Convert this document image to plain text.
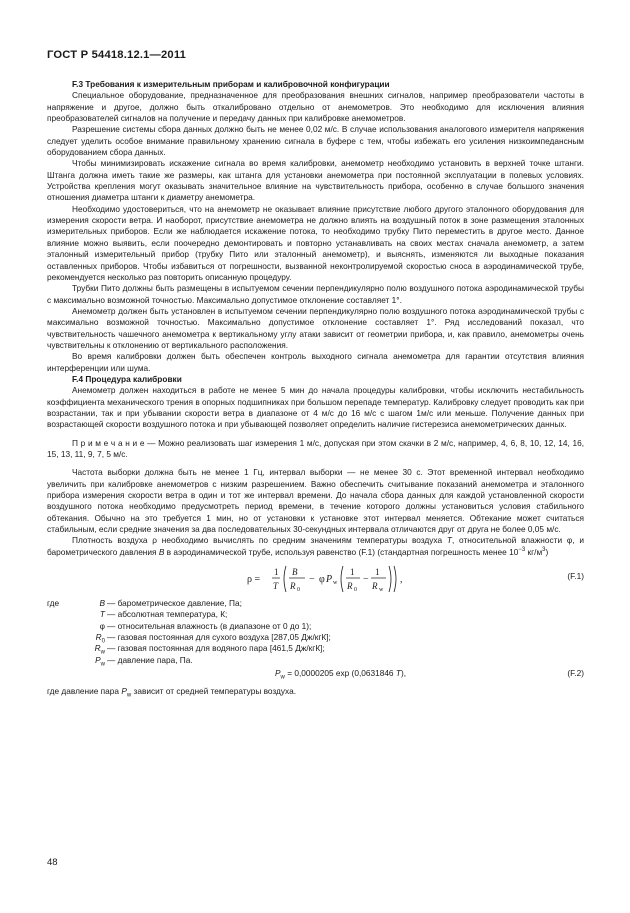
ГОСТ Р 54418.12.1—2011
F.3 Требования к измерительным приборам и калибровочной конфигурации

Специальное оборудование, предназначенное для преобразования внешних сигналов, например преобразователи частоты в напряжение и другое, должно быть откалибровано отдельно от анемометров. Это необходимо для исключения влияния преобразователей сигналов на получение и передачу данных при калибровке анемометров.

Разрешение системы сбора данных должно быть не менее 0,02 м/с. В случае использования аналогового измерителя напряжения следует уделить особое внимание правильному хранению сигнала в буфере с тем, чтобы избежать его усиления низкоимпедансным оборудованием сбора данных.

Чтобы минимизировать искажение сигнала во время калибровки, анемометр необходимо установить в верхней точке штанги. Штанга должна иметь такие же размеры, как штанга для установки анемометра при постоянной эксплуатации в полевых условиях. Устройства крепления могут оказывать значительное влияние на чувствительность прибора, особенно в случае большого значения отношения диаметра штанги к диаметру анемометра.

Необходимо удостовериться, что на анемометр не оказывает влияние присутствие любого другого эталонного оборудования для измерения скорости ветра. И наоборот, присутствие анемометра не должно влиять на воздушный поток в зоне размещения эталонных измерительных приборов. Если же наблюдается искажение потока, то необходимо трубку Пито переместить в другое место. Данное влияние можно выявить, если поочередно демонтировать и повторно устанавливать на своих местах сначала анемометр, а затем эталонный измерительный прибор (трубку Пито или эталонный анемометр), и выяснять, изменяются ли выходные показания оставленных приборов. Чтобы избавиться от погрешности, вызванной неконтролируемой скоростью сноса в аэродинамической трубе, рекомендуется несколько раз повторить описанную процедуру.

Трубки Пито должны быть размещены в испытуемом сечении перпендикулярно полю воздушного потока аэродинамической трубы с максимально возможной точностью. Максимально допустимое отклонение составляет 1°.

Анемометр должен быть установлен в испытуемом сечении перпендикулярно полю воздушного потока аэродинамической трубы с максимально возможной точностью. Максимально допустимое отклонение составляет 1°. Ряд исследований показал, что чувствительность чашечного анемометра к вертикальному углу атаки зависит от геометрии прибора, и, как правило, анемометры очень чувствительны к отклонению от вертикального расположения.

Во время калибровки должен быть обеспечен контроль выходного сигнала анемометра для гарантии отсутствия влияния интерференции или шума.

F.4 Процедура калибровки

Анемометр должен находиться в работе не менее 5 мин до начала процедуры калибровки, чтобы исключить нестабильность коэффициента механического трения в опорных подшипниках при большом перепаде температур. Калибровку следует проводить как при возрастании, так и при убывании скорости ветра в диапазоне от 4 м/с до 16 м/с с шагом 1м/с или меньше. Получение данных при возрастающей скорости воздушного потока и при убывающей позволяет определить наличие гистерезиса анемометрических данных.

П р и м е ч а н и е — Можно реализовать шаг измерения 1 м/с, допуская при этом скачки в 2 м/с, например, 4, 6, 8, 10, 12, 14, 16, 15, 13, 11, 9, 7, 5 м/с.

Частота выборки должна быть не менее 1 Гц, интервал выборки — не менее 30 с. Этот временной интервал необходимо увеличить при калибровке анемометров с низким разрешением. Важно обеспечить считывание показаний анемометра и эталонного прибора измерения скорости ветра в один и тот же интервал времени. До начала сбора данных для каждой установленной скорости воздушного потока необходимо предусмотреть период времени, в течение которого должны установиться условия стабильного обтекания. Обычно на это требуется 1 мин, но от установки к установке этот интервал меняется. Обтекание может считаться стабильным, если средние значения за два последовательных 30-секундных интервала отличаются друг от друга не более 0,05 м/с.

Плотность воздуха ρ необходимо вычислять по средним значениям температуры воздуха T, относительной влажности φ, и барометрического давления B в аэродинамической трубе, используя равенство (F.1) (стандартная погрешность менее $10^{-3}$ $кг/м^3$)

ρ =
1
T
B
R 0
− φ P w
1
R 0
−
1
R w
,	(F.1)
где	B — барометрическое давление, Па;
T — абсолютная температура, К;
φ — относительная влажность (в диапазоне от 0 до 1);
$R_0$ — газовая постоянная для сухого воздуха [287,05 Дж/кгК];
$R_w$ — газовая постоянная для водяного пара [461,5 Дж/кгК];
$P_w$ — давление пара, Па.
$P_w = 0,0000205$ exp (0,0631846 T),	(F.2)

где давление пара $P_w$ зависит от средней температуры воздуха.

48
